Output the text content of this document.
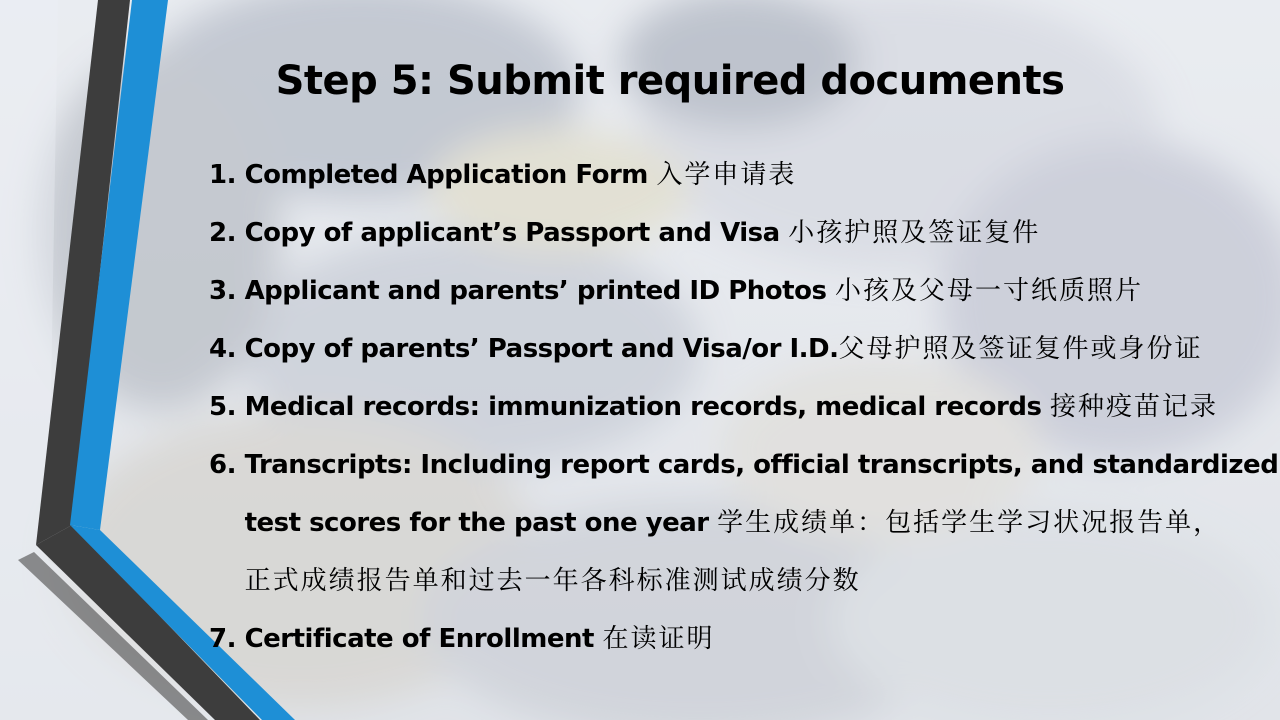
Step 5: Submit required documents
1. Completed Application Form 入学申请表
2. Copy of applicant’s Passport and Visa 小孩护照及签证复件
3. Applicant and parents’ printed ID Photos 小孩及父母一寸纸质照片
4. Copy of parents’ Passport and Visa/or I.D.父母护照及签证复件或身份证
5. Medical records: immunization records, medical records 接种疫苗记录
6. Transcripts: Including report cards, official transcripts, and standardized
test scores for the past one year 学生成绩单：包括学生学习状况报告单，
正式成绩报告单和过去一年各科标准测试成绩分数
7. Certificate of Enrollment 在读证明
